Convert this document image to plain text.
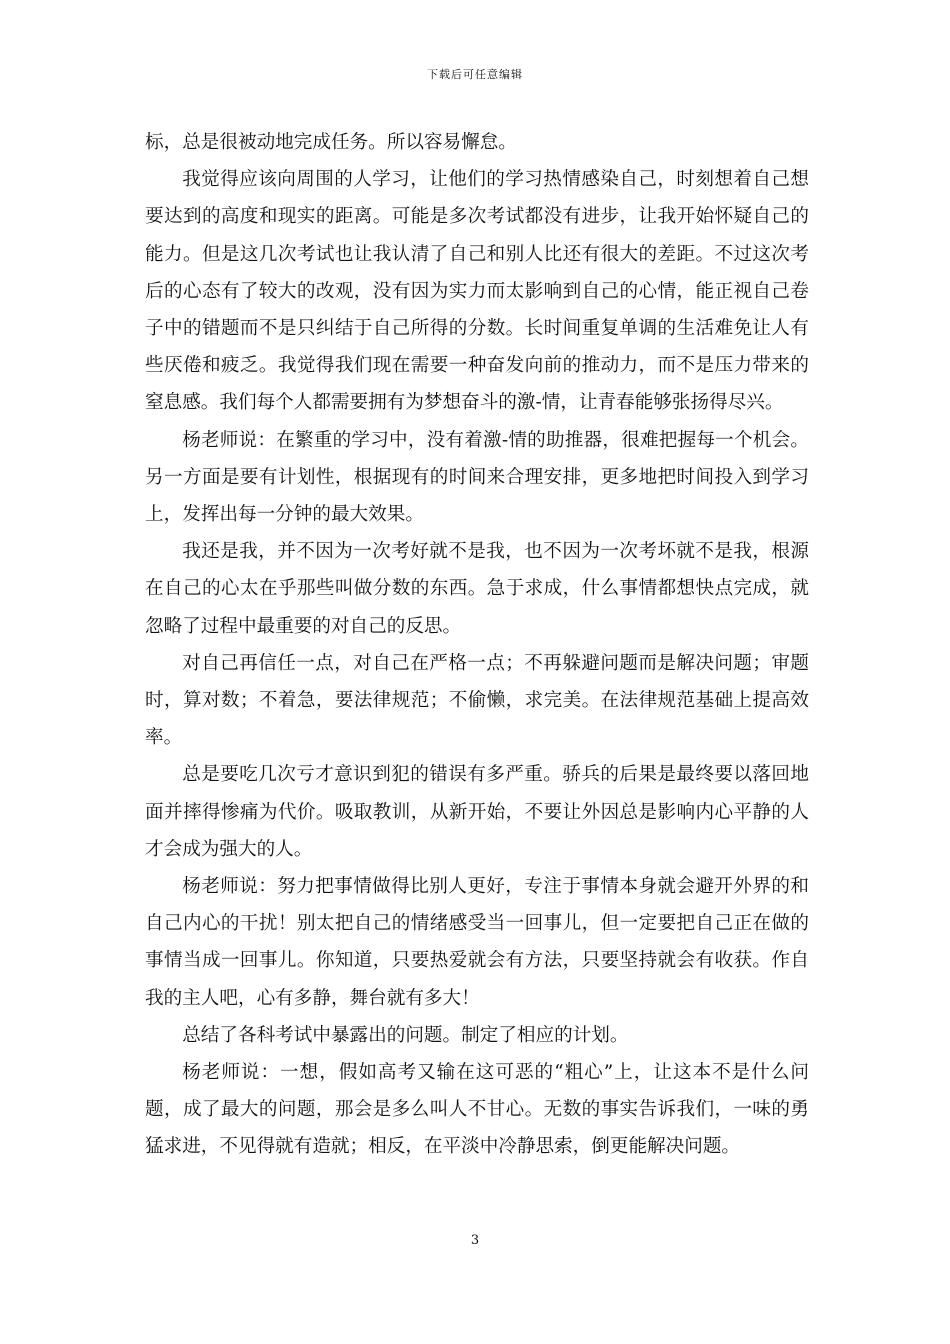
下载后可任意编辑

标，总是很被动地完成任务。所以容易懈怠。

我觉得应该向周围的人学习，让他们的学习热情感染自己，时刻想着自己想要达到的高度和现实的距离。可能是多次考试都没有进步，让我开始怀疑自己的能力。但是这几次考试也让我认清了自己和别人比还有很大的差距。不过这次考后的心态有了较大的改观，没有因为实力而太影响到自己的心情，能正视自己卷子中的错题而不是只纠结于自己所得的分数。长时间重复单调的生活难免让人有些厌倦和疲乏。我觉得我们现在需要一种奋发向前的推动力，而不是压力带来的窒息感。我们每个人都需要拥有为梦想奋斗的激-情，让青春能够张扬得尽兴。

杨老师说：在繁重的学习中，没有着激-情的助推器，很难把握每一个机会。另一方面是要有计划性，根据现有的时间来合理安排，更多地把时间投入到学习上，发挥出每一分钟的最大效果。

我还是我，并不因为一次考好就不是我，也不因为一次考坏就不是我，根源在自己的心太在乎那些叫做分数的东西。急于求成，什么事情都想快点完成，就忽略了过程中最重要的对自己的反思。

对自己再信任一点，对自己在严格一点；不再躲避问题而是解决问题；审题时，算对数；不着急，要法律规范；不偷懒，求完美。在法律规范基础上提高效率。

总是要吃几次亏才意识到犯的错误有多严重。骄兵的后果是最终要以落回地面并摔得惨痛为代价。吸取教训，从新开始，不要让外因总是影响内心平静的人才会成为强大的人。

杨老师说：努力把事情做得比别人更好，专注于事情本身就会避开外界的和自己内心的干扰！别太把自己的情绪感受当一回事儿，但一定要把自己正在做的事情当成一回事儿。你知道，只要热爱就会有方法，只要坚持就会有收获。作自我的主人吧，心有多静，舞台就有多大！

总结了各科考试中暴露出的问题。制定了相应的计划。

杨老师说：一想，假如高考又输在这可恶的“粗心”上，让这本不是什么问题，成了最大的问题，那会是多么叫人不甘心。无数的事实告诉我们，一味的勇猛求进，不见得就有造就；相反，在平淡中冷静思索，倒更能解决问题。

3
